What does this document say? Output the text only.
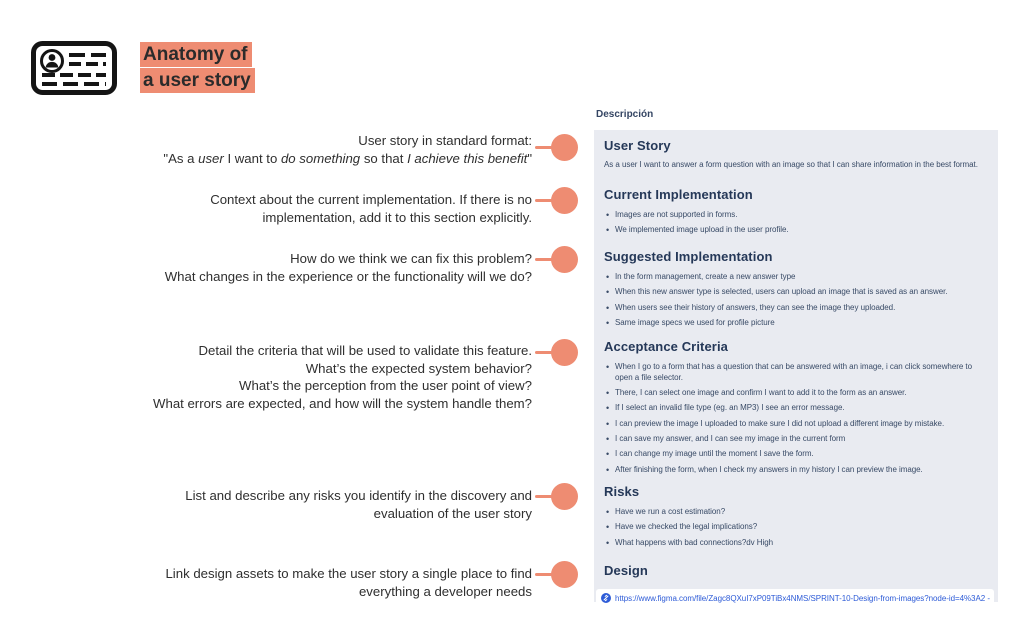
Anatomy of
a user story
User story in standard format:
"As a user I want to do something so that I achieve this benefit"
Context about the current implementation. If there is no
implementation, add it to this section explicitly.
How do we think we can fix this problem?
What changes in the experience or the functionality will we do?
Detail the criteria that will be used to validate this feature.
What’s the expected system behavior?
What’s the perception from the user point of view?
What errors are expected, and how will the system handle them?
List and describe any risks you identify in the discovery and
evaluation of the user story
Link design assets to make the user story a single place to find
everything a developer needs
Descripción
User Story

As a user I want to answer a form question with an image so that I can share information in the best format.

Current Implementation
• Images are not supported in forms.
• We implemented image upload in the user profile.
Suggested Implementation
• In the form management, create a new answer type
• When this new answer type is selected, users can upload an image that is saved as an answer.
• When users see their history of answers, they can see the image they uploaded.
• Same image specs we used for profile picture
Acceptance Criteria
• When I go to a form that has a question that can be answered with an image, i can click somewhere to open a file selector.
• There, I can select one image and confirm I want to add it to the form as an answer.
• If I select an invalid file type (eg. an MP3) I see an error message.
• I can preview the image I uploaded to make sure I did not upload a different image by mistake.
• I can save my answer, and I can see my image in the current form
• I can change my image until the moment I save the form.
• After finishing the form, when I check my answers in my history I can preview the image.
Risks
• Have we run a cost estimation?
• Have we checked the legal implications?
• What happens with bad connections?dv High
Design
https://www.figma.com/file/Zagc8QXuI7xP09TiBx4NMS/SPRINT-10-Design-from-images?node-id=4%3A2 -
